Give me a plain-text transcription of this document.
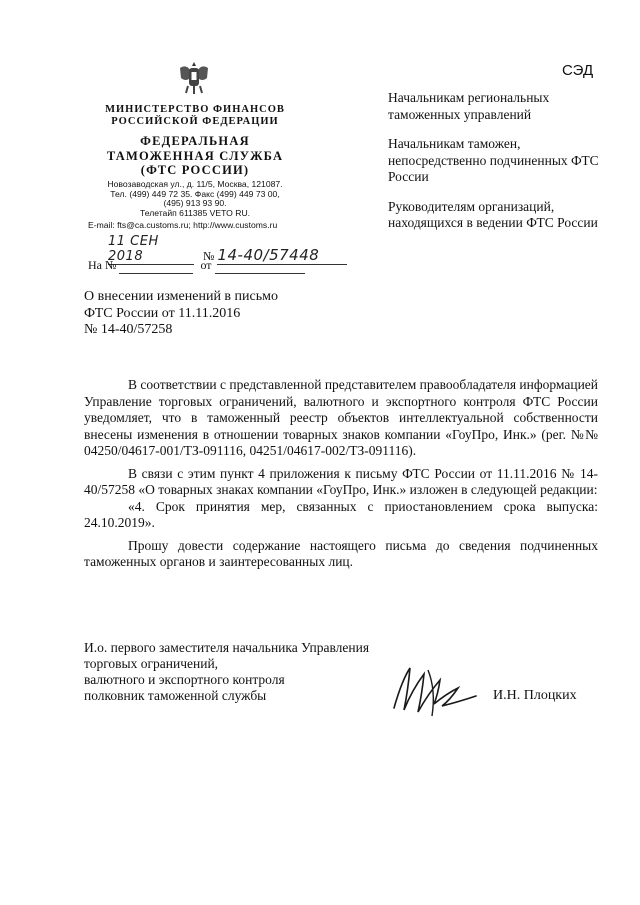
СЭД
МИНИСТЕРСТВО ФИНАНСОВ
РОССИЙСКОЙ ФЕДЕРАЦИИ
ФЕДЕРАЛЬНАЯ
ТАМОЖЕННАЯ СЛУЖБА
(ФТС РОССИИ)
Новозаводская ул., д. 11/5, Москва, 121087.
Тел. (499) 449 72 35. Факс (499) 449 73 00,
(495) 913 93 90.
Телетайп 611385 VETO RU.
E-mail: fts@ca.customs.ru; http://www.customs.ru
11 СЕН 2018	№ 14-40/57448
На №	от

Начальникам региональных таможенных управлений

Начальникам таможен, непосредственно подчиненных ФТС России

Руководителям организаций, находящихся в ведении ФТС России

О внесении изменений в письмо
ФТС России от 11.11.2016
№ 14-40/57258

В соответствии с представленной представителем правообладателя информацией Управление торговых ограничений, валютного и экспортного контроля ФТС России уведомляет, что в таможенный реестр объектов интеллектуальной собственности внесены изменения в отношении товарных знаков компании «ГоуПро, Инк.» (рег. №№ 04250/04617-001/ТЗ-091116, 04251/04617-002/ТЗ-091116).

В связи с этим пункт 4 приложения к письму ФТС России от 11.11.2016 № 14-40/57258 «О товарных знаках компании «ГоуПро, Инк.» изложен в следующей редакции:

«4. Срок принятия мер, связанных с приостановлением срока выпуска: 24.10.2019».

Прошу довести содержание настоящего письма до сведения подчиненных таможенных органов и заинтересованных лиц.

И.о. первого заместителя начальника Управления
торговых ограничений,
валютного и экспортного контроля
полковник таможенной службы	И.Н. Плоцких
